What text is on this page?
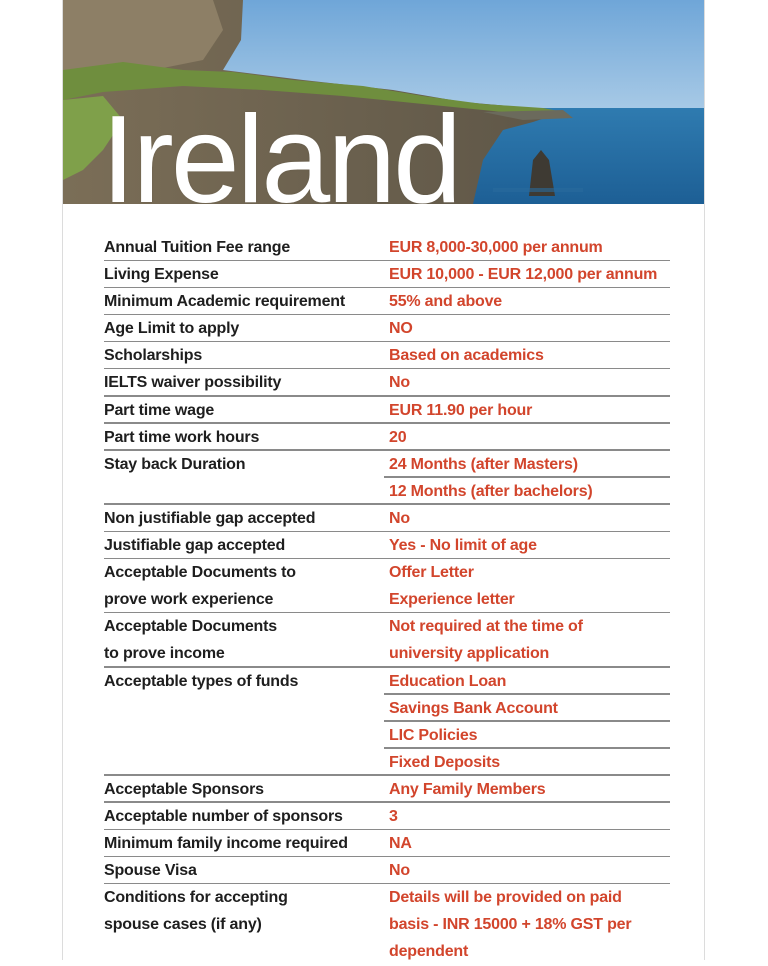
Ireland
Annual Tuition Fee range	EUR 8,000-30,000 per annum
Living Expense	EUR 10,000 - EUR 12,000 per annum
Minimum Academic requirement	55% and above
Age Limit to apply	NO
Scholarships	Based on academics
IELTS waiver possibility	No
Part time wage	EUR 11.90 per hour
Part time work hours	20
Stay back Duration	24 Months (after Masters)
12 Months (after bachelors)
Non justifiable gap accepted	No
Justifiable gap accepted	Yes - No limit of age
Acceptable Documents to	Offer Letter
prove work experience	Experience letter
Acceptable Documents	Not required at the time of
to prove income	university application
Acceptable types of funds	Education Loan
Savings Bank Account
LIC Policies
Fixed Deposits
Acceptable Sponsors	Any Family Members
Acceptable number of sponsors	3
Minimum family income required	NA
Spouse Visa	No
Conditions for accepting	Details will be provided on paid
spouse cases (if any)	basis - INR 15000 + 18% GST per
dependent
